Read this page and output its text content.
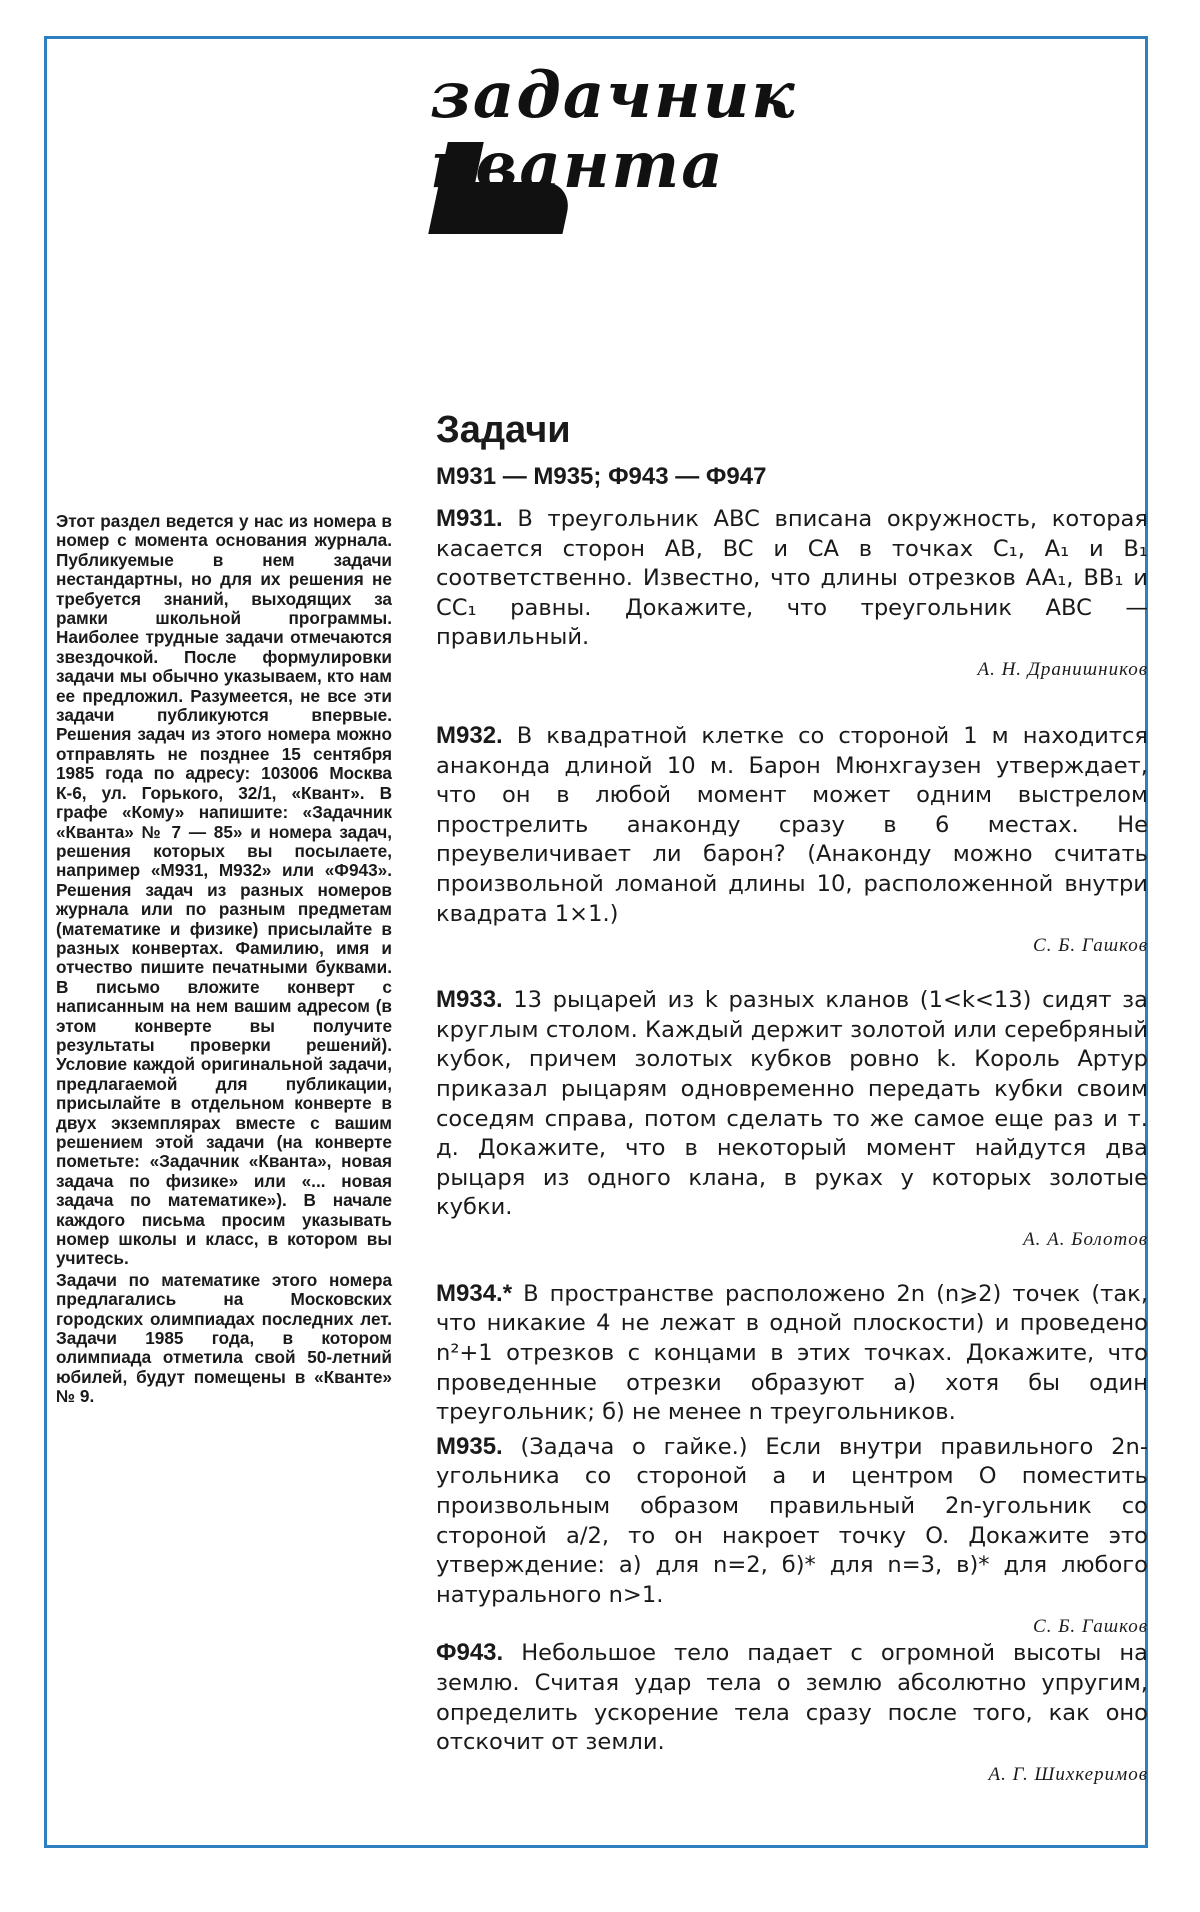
задачник
кванта

Этот раздел ведется у нас из номера в номер с момента основания журнала. Публикуемые в нем задачи нестандартны, но для их решения не требуется знаний, выходящих за рамки школьной программы. Наиболее трудные задачи отмечаются звездочкой. После формулировки задачи мы обычно указываем, кто нам ее предложил. Разумеется, не все эти задачи публикуются впервые. Решения задач из этого номера можно отправлять не позднее 15 сентября 1985 года по адресу: 103006 Москва К-6, ул. Горького, 32/1, «Квант». В графе «Кому» напишите: «Задачник «Кванта» № 7 — 85» и номера задач, решения которых вы посылаете, например «М931, М932» или «Ф943». Решения задач из разных номеров журнала или по разным предметам (математике и физике) присылайте в разных конвертах. Фамилию, имя и отчество пишите печатными буквами. В письмо вложите конверт с написанным на нем вашим адресом (в этом конверте вы получите результаты проверки решений). Условие каждой оригинальной задачи, предлагаемой для публикации, присылайте в отдельном конверте в двух экземплярах вместе с вашим решением этой задачи (на конверте пометьте: «Задачник «Кванта», новая задача по физике» или «... новая задача по математике»). В начале каждого письма просим указывать номер школы и класс, в котором вы учитесь.

Задачи по математике этого номера предлагались на Московских городских олимпиадах последних лет. Задачи 1985 года, в котором олимпиада отметила свой 50-летний юбилей, будут помещены в «Кванте» № 9.

Задачи
М931 — М935; Ф943 — Ф947

М931. В треугольник ABC вписана окружность, которая касается сторон AB, BC и CA в точках C₁, A₁ и B₁ соответственно. Известно, что длины отрезков AA₁, BB₁ и CC₁ равны. Докажите, что треугольник ABC — правильный.

А. Н. Дранишников

М932. В квадратной клетке со стороной 1 м находится анаконда длиной 10 м. Барон Мюнхгаузен утверждает, что он в любой момент может одним выстрелом прострелить анаконду сразу в 6 местах. Не преувеличивает ли барон? (Анаконду можно считать произвольной ломаной длины 10, расположенной внутри квадрата 1×1.)

С. Б. Гашков

М933. 13 рыцарей из k разных кланов (1<k<13) сидят за круглым столом. Каждый держит золотой или серебряный кубок, причем золотых кубков ровно k. Король Артур приказал рыцарям одновременно передать кубки своим соседям справа, потом сделать то же самое еще раз и т. д. Докажите, что в некоторый момент найдутся два рыцаря из одного клана, в руках у которых золотые кубки.

А. А. Болотов

М934.* В пространстве расположено 2n (n⩾2) точек (так, что никакие 4 не лежат в одной плоскости) и проведено n²+1 отрезков с концами в этих точках. Докажите, что проведенные отрезки образуют а) хотя бы один треугольник; б) не менее n треугольников.

М935. (Задача о гайке.) Если внутри правильного 2n-угольника со стороной a и центром O поместить произвольным образом правильный 2n-угольник со стороной a/2, то он накроет точку O. Докажите это утверждение: а) для n=2, б)* для n=3, в)* для любого натурального n>1.

С. Б. Гашков

Ф943. Небольшое тело падает с огромной высоты на землю. Считая удар тела о землю абсолютно упругим, определить ускорение тела сразу после того, как оно отскочит от земли.

А. Г. Шихкеримов
